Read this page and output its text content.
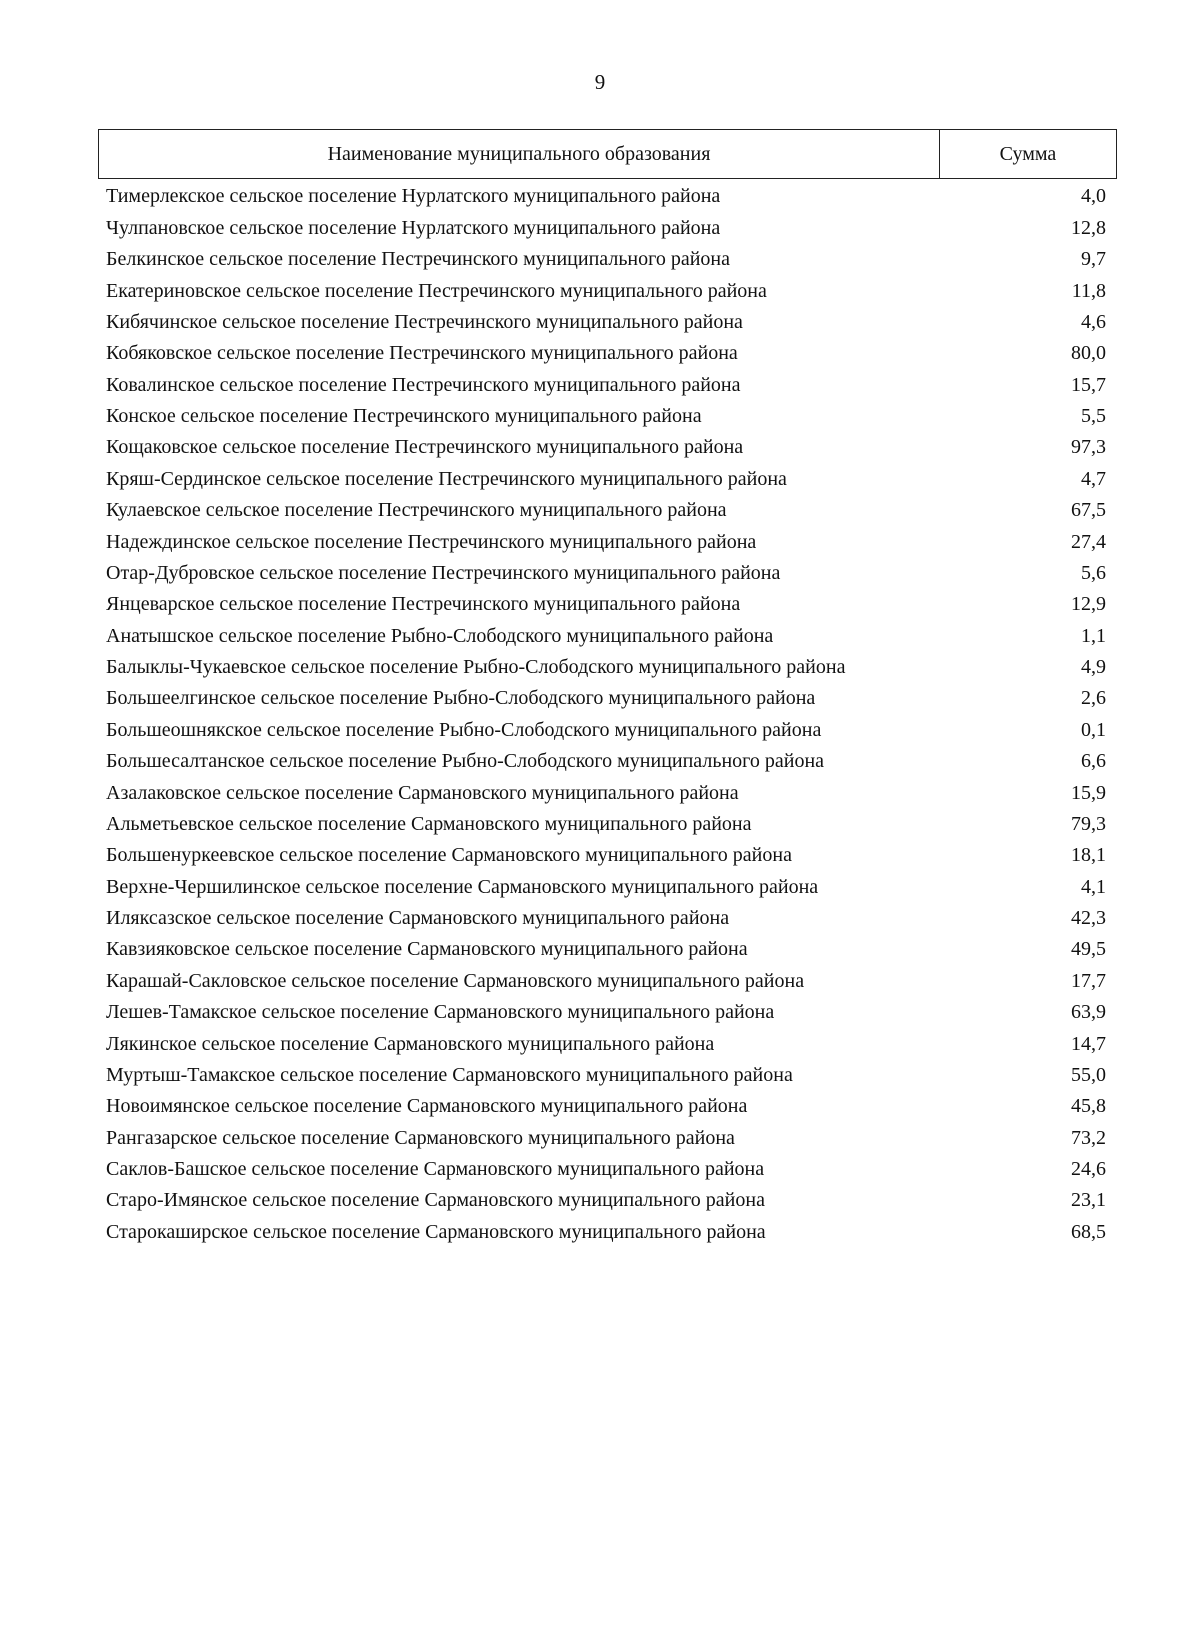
9
Наименование муниципального образования	Сумма
Тимерлекское сельское поселение Нурлатского муниципального района	4,0
Чулпановское сельское поселение Нурлатского муниципального района	12,8
Белкинское сельское поселение Пестречинского муниципального района	9,7
Екатериновское сельское поселение Пестречинского муниципального района	11,8
Кибячинское сельское поселение Пестречинского муниципального района	4,6
Кобяковское сельское поселение Пестречинского муниципального района	80,0
Ковалинское сельское поселение Пестречинского муниципального района	15,7
Конское сельское поселение Пестречинского муниципального района	5,5
Кощаковское сельское поселение Пестречинского муниципального района	97,3
Кряш-Сердинское сельское поселение Пестречинского муниципального района	4,7
Кулаевское сельское поселение Пестречинского муниципального района	67,5
Надеждинское сельское поселение Пестречинского муниципального района	27,4
Отар-Дубровское сельское поселение Пестречинского муниципального района	5,6
Янцеварское сельское поселение Пестречинского муниципального района	12,9
Анатышское сельское поселение Рыбно-Слободского муниципального района	1,1
Балыклы-Чукаевское сельское поселение Рыбно-Слободского муниципального района	4,9
Большеелгинское сельское поселение Рыбно-Слободского муниципального района	2,6
Большеошнякское сельское поселение Рыбно-Слободского муниципального района	0,1
Большесалтанское сельское поселение Рыбно-Слободского муниципального района	6,6
Азалаковское сельское поселение Сармановского муниципального района	15,9
Альметьевское сельское поселение Сармановского муниципального района	79,3
Большенуркеевское сельское поселение Сармановского муниципального района	18,1
Верхне-Чершилинское сельское поселение Сармановского муниципального района	4,1
Иляксазское сельское поселение Сармановского муниципального района	42,3
Кавзияковское сельское поселение Сармановского муниципального района	49,5
Карашай-Сакловское сельское поселение Сармановского муниципального района	17,7
Лешев-Тамакское сельское поселение Сармановского муниципального района	63,9
Лякинское сельское поселение Сармановского муниципального района	14,7
Муртыш-Тамакское сельское поселение Сармановского муниципального района	55,0
Новоимянское сельское поселение Сармановского муниципального района	45,8
Рангазарское сельское поселение Сармановского муниципального района	73,2
Саклов-Башское сельское поселение Сармановского муниципального района	24,6
Старо-Имянское сельское поселение Сармановского муниципального района	23,1
Старокаширское сельское поселение Сармановского муниципального района	68,5
